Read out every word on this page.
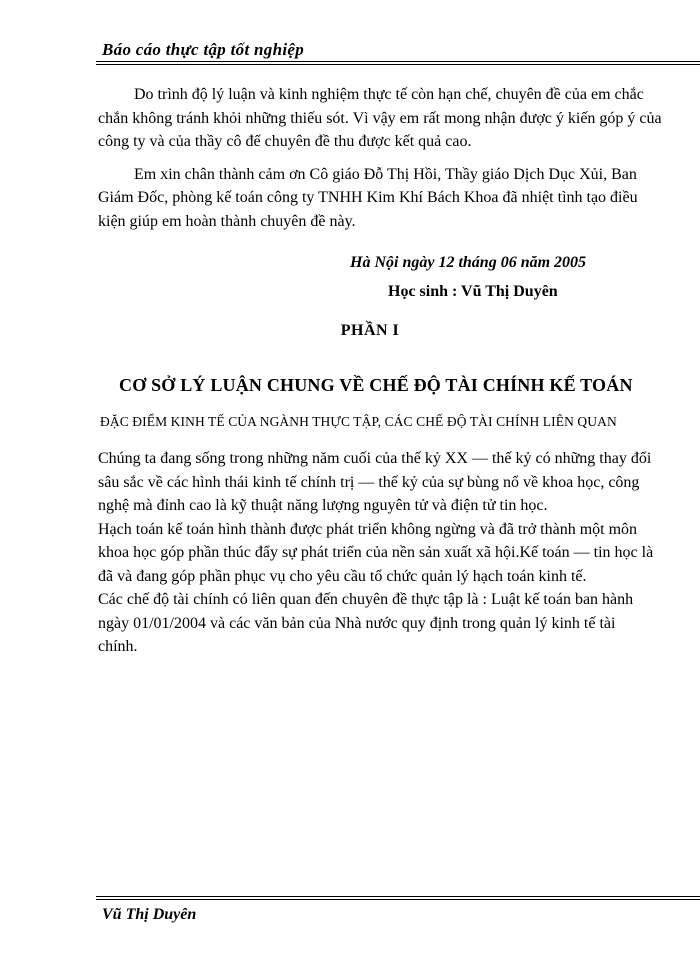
Báo cáo thực tập tốt nghiệp

Do trình độ lý luận và kinh nghiệm thực tế còn hạn chế, chuyên đề của em chắc chắn không tránh khỏi những thiếu sót. Vì vậy em rất mong nhận được ý kiến góp ý của công ty và của thầy cô để chuyên đề thu được kết quả cao.

Em xin chân thành cảm ơn Cô giáo Đỗ Thị Hồi, Thầy giáo Dịch Dục Xủi, Ban Giám Đốc, phòng kế toán công ty TNHH Kim Khí Bách Khoa đã nhiệt tình tạo điều kiện giúp em hoàn thành chuyên đề này.

Hà Nội ngày 12 tháng 06 năm 2005
Học sinh : Vũ Thị Duyên
PHẦN I
CƠ SỞ LÝ LUẬN CHUNG VỀ CHẾ ĐỘ TÀI CHÍNH KẾ TOÁN
ĐẶC ĐIỂM KINH TẾ CỦA NGÀNH THỰC TẬP, CÁC CHẾ ĐỘ TÀI CHÍNH LIÊN QUAN

Chúng ta đang sống trong những năm cuối của thế kỷ XX — thế kỷ có những thay đổi sâu sắc về các hình thái kinh tế chính trị — thế kỷ của sự bùng nổ về khoa học, công nghệ mà đỉnh cao là kỹ thuật năng lượng nguyên tử và điện tử tin học.

Hạch toán kế toán hình thành được phát triển không ngừng và đã trở thành một môn khoa học góp phần thúc đẩy sự phát triển của nền sản xuất xã hội.Kế toán — tin học là đã và đang góp phần phục vụ cho yêu cầu tổ chức quản lý hạch toán kinh tế.

Các chế độ tài chính có liên quan đến chuyên đề thực tập là : Luật kế toán ban hành ngày 01/01/2004 và các văn bản của Nhà nước quy định trong quản lý kinh tế tài chính.

Vũ Thị Duyên
